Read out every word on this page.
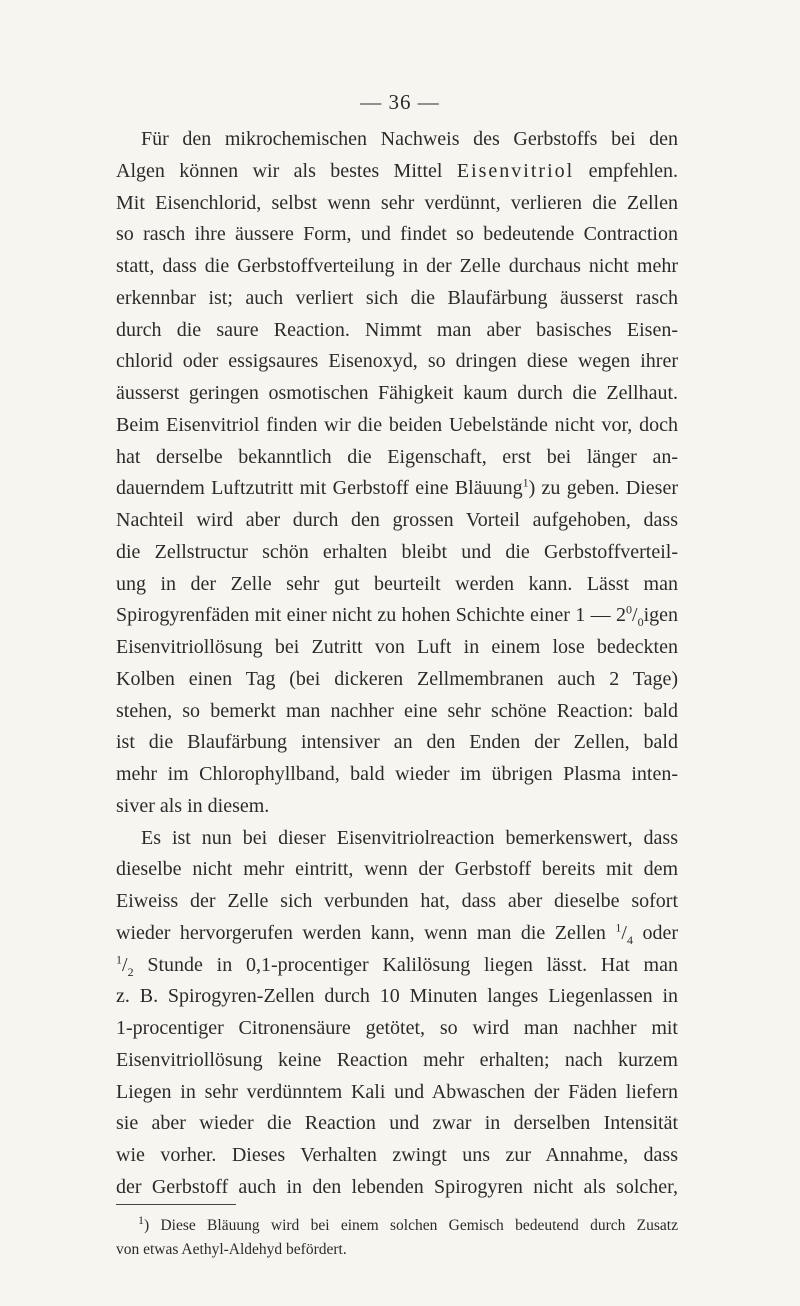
— 36 —
Für den mikrochemischen Nachweis des Gerbstoffs bei den
Algen können wir als bestes Mittel Eisenvitriol empfehlen.
Mit Eisenchlorid, selbst wenn sehr verdünnt, verlieren die Zellen
so rasch ihre äussere Form, und findet so bedeutende Contraction
statt, dass die Gerbstoffverteilung in der Zelle durchaus nicht mehr
erkennbar ist; auch verliert sich die Blaufärbung äusserst rasch
durch die saure Reaction. Nimmt man aber basisches Eisen-
chlorid oder essigsaures Eisenoxyd, so dringen diese wegen ihrer
äusserst geringen osmotischen Fähigkeit kaum durch die Zellhaut.
Beim Eisenvitriol finden wir die beiden Uebelstände nicht vor, doch
hat derselbe bekanntlich die Eigenschaft, erst bei länger an-
dauerndem Luftzutritt mit Gerbstoff eine Bläuung$^1$) zu geben. Dieser
Nachteil wird aber durch den grossen Vorteil aufgehoben, dass
die Zellstructur schön erhalten bleibt und die Gerbstoffverteil-
ung in der Zelle sehr gut beurteilt werden kann. Lässt man
Spirogyrenfäden mit einer nicht zu hohen Schichte einer 1 — $2^0/_0igen$
Eisenvitriollösung bei Zutritt von Luft in einem lose bedeckten
Kolben einen Tag (bei dickeren Zellmembranen auch 2 Tage)
stehen, so bemerkt man nachher eine sehr schöne Reaction: bald
ist die Blaufärbung intensiver an den Enden der Zellen, bald
mehr im Chlorophyllband, bald wieder im übrigen Plasma inten-
siver als in diesem.
Es ist nun bei dieser Eisenvitriolreaction bemerkenswert, dass
dieselbe nicht mehr eintritt, wenn der Gerbstoff bereits mit dem
Eiweiss der Zelle sich verbunden hat, dass aber dieselbe sofort
wieder hervorgerufen werden kann, wenn man die Zellen $^1/_4$ oder
$^1/_2$ Stunde in 0,1-procentiger Kalilösung liegen lässt. Hat man
z. B. Spirogyren-Zellen durch 10 Minuten langes Liegenlassen in
1-procentiger Citronensäure getötet, so wird man nachher mit
Eisenvitriollösung keine Reaction mehr erhalten; nach kurzem
Liegen in sehr verdünntem Kali und Abwaschen der Fäden liefern
sie aber wieder die Reaction und zwar in derselben Intensität
wie vorher. Dieses Verhalten zwingt uns zur Annahme, dass
der Gerbstoff auch in den lebenden Spirogyren nicht als solcher,
$^1$) Diese Bläuung wird bei einem solchen Gemisch bedeutend durch Zusatz
von etwas Aethyl-Aldehyd befördert.
